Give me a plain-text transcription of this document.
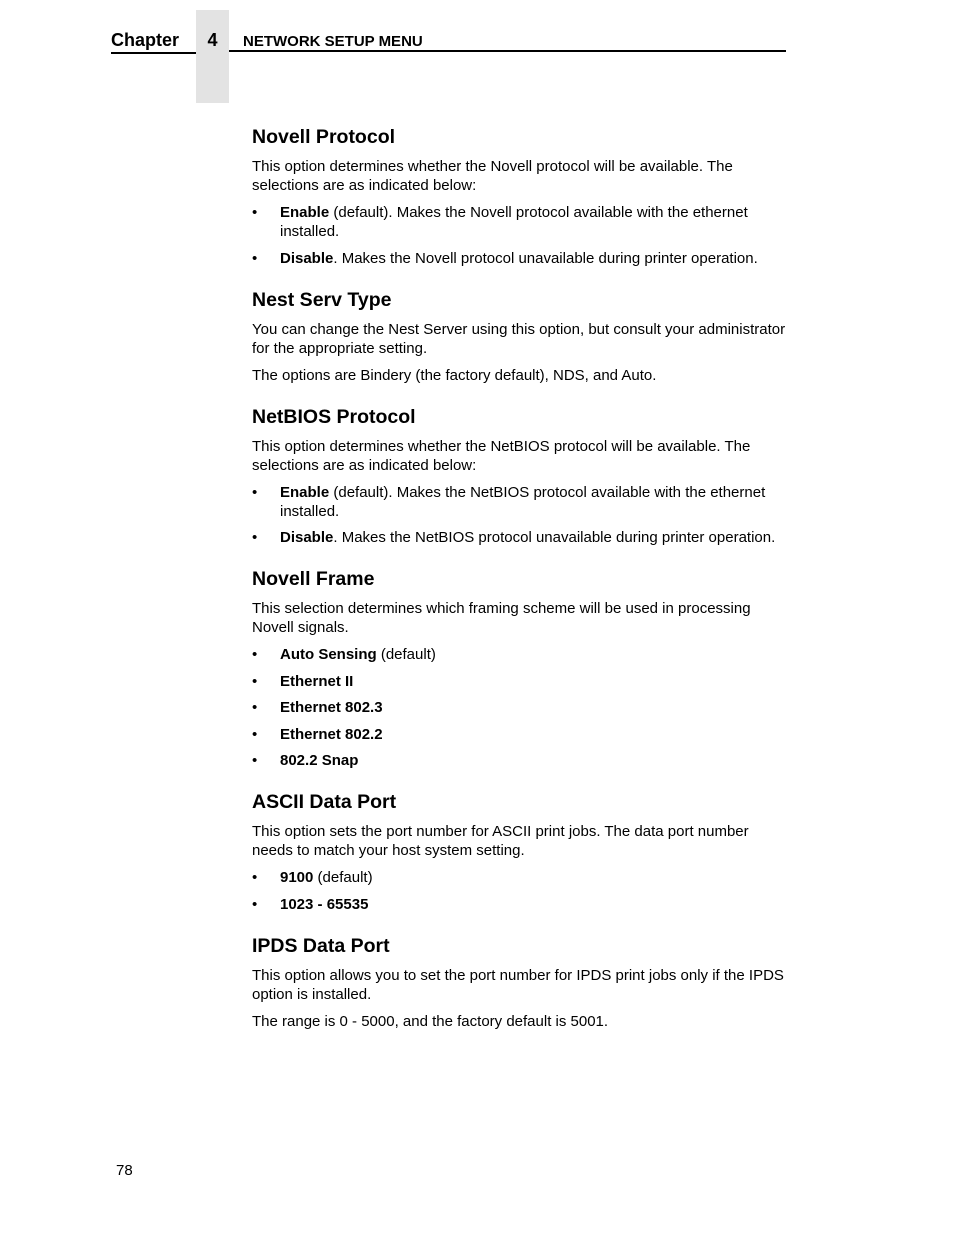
Chapter	4	NETWORK SETUP MENU
Novell Protocol

This option determines whether the Novell protocol will be available. The selections are as indicated below:

• Enable (default). Makes the Novell protocol available with the ethernet installed.
• Disable. Makes the Novell protocol unavailable during printer operation.
Nest Serv Type

You can change the Nest Server using this option, but consult your administrator for the appropriate setting.

The options are Bindery (the factory default), NDS, and Auto.

NetBIOS Protocol

This option determines whether the NetBIOS protocol will be available. The selections are as indicated below:

• Enable (default). Makes the NetBIOS protocol available with the ethernet installed.
• Disable. Makes the NetBIOS protocol unavailable during printer operation.
Novell Frame

This selection determines which framing scheme will be used in processing Novell signals.

• Auto Sensing (default)
• Ethernet II
• Ethernet 802.3
• Ethernet 802.2
• 802.2 Snap
ASCII Data Port

This option sets the port number for ASCII print jobs. The data port number needs to match your host system setting.

• 9100 (default)
• 1023 - 65535
IPDS Data Port

This option allows you to set the port number for IPDS print jobs only if the IPDS option is installed.

The range is 0 - 5000, and the factory default is 5001.

78
